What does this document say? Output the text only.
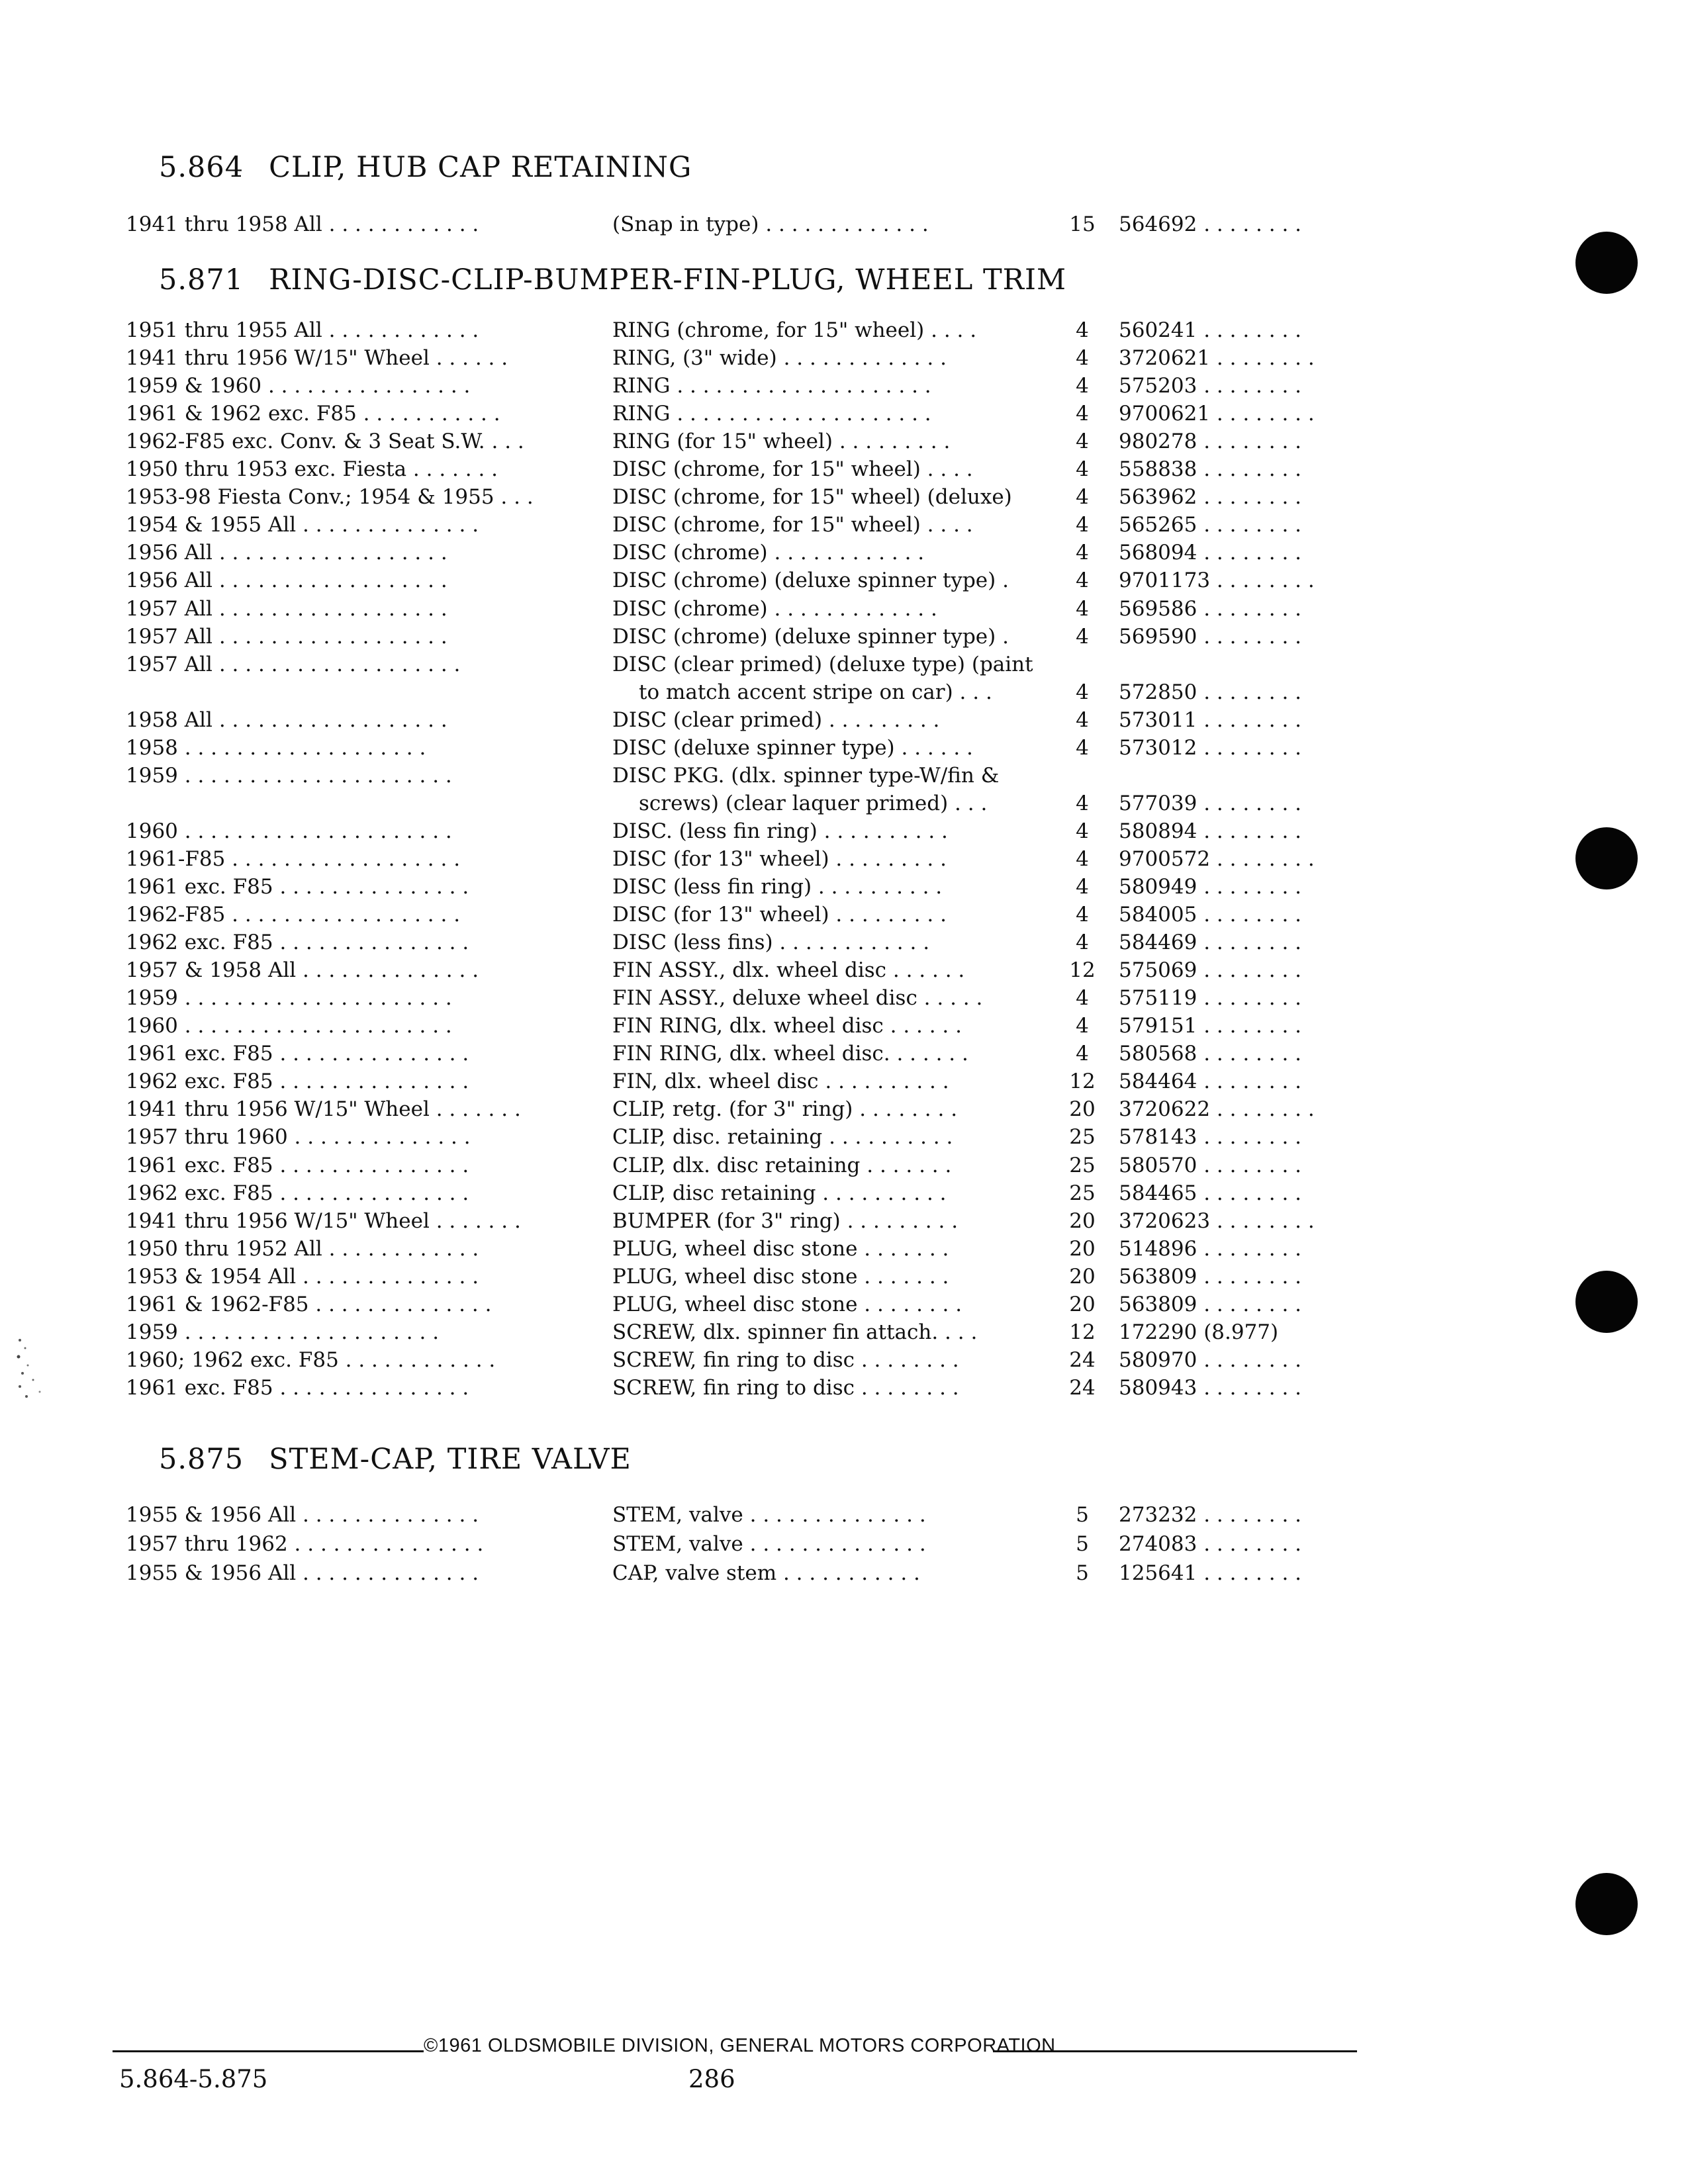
5.864 CLIP, HUB CAP RETAINING
5.871 RING-DISC-CLIP-BUMPER-FIN-PLUG, WHEEL TRIM
5.875 STEM-CAP, TIRE VALVE
1941 thru 1958 All . . . . . . . . . . . .	(Snap in type) . . . . . . . . . . . . .	15	564692 . . . . . . . .
1951 thru 1955 All . . . . . . . . . . . .	RING (chrome, for 15" wheel) . . . .	4	560241 . . . . . . . .
1941 thru 1956 W/15" Wheel . . . . . .	RING, (3" wide) . . . . . . . . . . . . .	4	3720621 . . . . . . . .
1959 & 1960 . . . . . . . . . . . . . . . .	RING . . . . . . . . . . . . . . . . . . . .	4	575203 . . . . . . . .
1961 & 1962 exc. F85 . . . . . . . . . . .	RING . . . . . . . . . . . . . . . . . . . .	4	9700621 . . . . . . . .
1962-F85 exc. Conv. & 3 Seat S.W. . . .	RING (for 15" wheel) . . . . . . . . .	4	980278 . . . . . . . .
1950 thru 1953 exc. Fiesta . . . . . . .	DISC (chrome, for 15" wheel) . . . .	4	558838 . . . . . . . .
1953-98 Fiesta Conv.; 1954 & 1955 . . .	DISC (chrome, for 15" wheel) (deluxe)	4	563962 . . . . . . . .
1954 & 1955 All . . . . . . . . . . . . . .	DISC (chrome, for 15" wheel) . . . .	4	565265 . . . . . . . .
1956 All . . . . . . . . . . . . . . . . . .	DISC (chrome) . . . . . . . . . . . .	4	568094 . . . . . . . .
1956 All . . . . . . . . . . . . . . . . . .	DISC (chrome) (deluxe spinner type) .	4	9701173 . . . . . . . .
1957 All . . . . . . . . . . . . . . . . . .	DISC (chrome) . . . . . . . . . . . . .	4	569586 . . . . . . . .
1957 All . . . . . . . . . . . . . . . . . .	DISC (chrome) (deluxe spinner type) .	4	569590 . . . . . . . .
1957 All . . . . . . . . . . . . . . . . . . .	DISC (clear primed) (deluxe type) (paint
to match accent stripe on car) . . .	4	572850 . . . . . . . .
1958 All . . . . . . . . . . . . . . . . . .	DISC (clear primed) . . . . . . . . .	4	573011 . . . . . . . .
1958 . . . . . . . . . . . . . . . . . . .	DISC (deluxe spinner type) . . . . . .	4	573012 . . . . . . . .
1959 . . . . . . . . . . . . . . . . . . . . .	DISC PKG. (dlx. spinner type-W/fin &
screws) (clear laquer primed) . . .	4	577039 . . . . . . . .
1960 . . . . . . . . . . . . . . . . . . . . .	DISC. (less fin ring) . . . . . . . . . .	4	580894 . . . . . . . .
1961-F85 . . . . . . . . . . . . . . . . . .	DISC (for 13" wheel) . . . . . . . . .	4	9700572 . . . . . . . .
1961 exc. F85 . . . . . . . . . . . . . . .	DISC (less fin ring) . . . . . . . . . .	4	580949 . . . . . . . .
1962-F85 . . . . . . . . . . . . . . . . . .	DISC (for 13" wheel) . . . . . . . . .	4	584005 . . . . . . . .
1962 exc. F85 . . . . . . . . . . . . . . .	DISC (less fins) . . . . . . . . . . . .	4	584469 . . . . . . . .
1957 & 1958 All . . . . . . . . . . . . . .	FIN ASSY., dlx. wheel disc . . . . . .	12	575069 . . . . . . . .
1959 . . . . . . . . . . . . . . . . . . . . .	FIN ASSY., deluxe wheel disc . . . . .	4	575119 . . . . . . . .
1960 . . . . . . . . . . . . . . . . . . . . .	FIN RING, dlx. wheel disc . . . . . .	4	579151 . . . . . . . .
1961 exc. F85 . . . . . . . . . . . . . . .	FIN RING, dlx. wheel disc. . . . . . .	4	580568 . . . . . . . .
1962 exc. F85 . . . . . . . . . . . . . . .	FIN, dlx. wheel disc . . . . . . . . . .	12	584464 . . . . . . . .
1941 thru 1956 W/15" Wheel . . . . . . .	CLIP, retg. (for 3" ring) . . . . . . . .	20	3720622 . . . . . . . .
1957 thru 1960 . . . . . . . . . . . . . .	CLIP, disc. retaining . . . . . . . . . .	25	578143 . . . . . . . .
1961 exc. F85 . . . . . . . . . . . . . . .	CLIP, dlx. disc retaining . . . . . . .	25	580570 . . . . . . . .
1962 exc. F85 . . . . . . . . . . . . . . .	CLIP, disc retaining . . . . . . . . . .	25	584465 . . . . . . . .
1941 thru 1956 W/15" Wheel . . . . . . .	BUMPER (for 3" ring) . . . . . . . . .	20	3720623 . . . . . . . .
1950 thru 1952 All . . . . . . . . . . . .	PLUG, wheel disc stone . . . . . . .	20	514896 . . . . . . . .
1953 & 1954 All . . . . . . . . . . . . . .	PLUG, wheel disc stone . . . . . . .	20	563809 . . . . . . . .
1961 & 1962-F85 . . . . . . . . . . . . . .	PLUG, wheel disc stone . . . . . . . .	20	563809 . . . . . . . .
1959 . . . . . . . . . . . . . . . . . . . .	SCREW, dlx. spinner fin attach. . . .	12	172290 (8.977)
1960; 1962 exc. F85 . . . . . . . . . . . .	SCREW, fin ring to disc . . . . . . . .	24	580970 . . . . . . . .
1961 exc. F85 . . . . . . . . . . . . . . .	SCREW, fin ring to disc . . . . . . . .	24	580943 . . . . . . . .
1955 & 1956 All . . . . . . . . . . . . . .	STEM, valve . . . . . . . . . . . . . .	5	273232 . . . . . . . .
1957 thru 1962 . . . . . . . . . . . . . . .	STEM, valve . . . . . . . . . . . . . .	5	274083 . . . . . . . .
1955 & 1956 All . . . . . . . . . . . . . .	CAP, valve stem . . . . . . . . . . .	5	125641 . . . . . . . .
©1961 OLDSMOBILE DIVISION, GENERAL MOTORS CORPORATION
5.864-5.875	286
